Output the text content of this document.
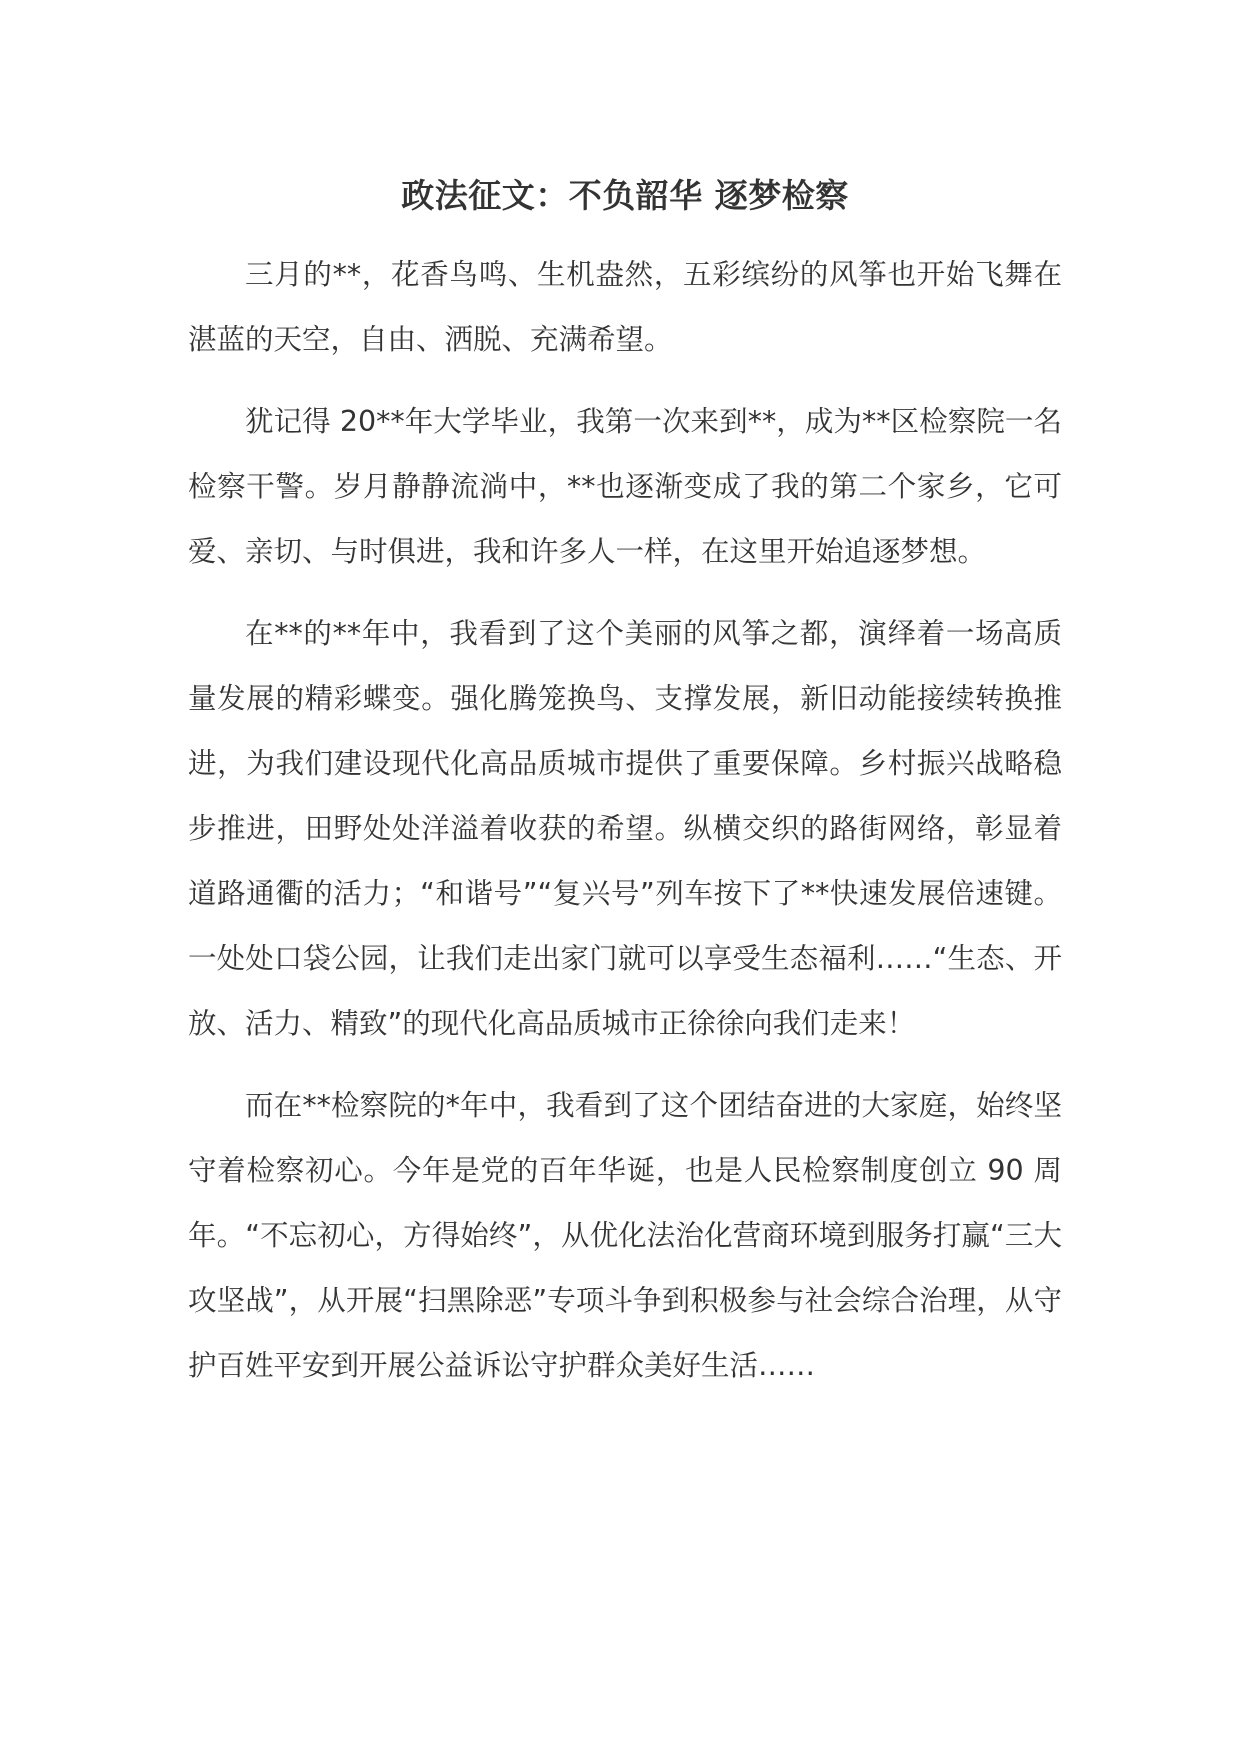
政法征文：不负韶华 逐梦检察

三月的**，花香鸟鸣、生机盎然，五彩缤纷的风筝也开始飞舞在湛蓝的天空，自由、洒脱、充满希望。

犹记得 20**年大学毕业，我第一次来到**，成为**区检察院一名检察干警。岁月静静流淌中，**也逐渐变成了我的第二个家乡，它可爱、亲切、与时俱进，我和许多人一样，在这里开始追逐梦想。

在**的**年中，我看到了这个美丽的风筝之都，演绎着一场高质量发展的精彩蝶变。强化腾笼换鸟、支撑发展，新旧动能接续转换推进，为我们建设现代化高品质城市提供了重要保障。乡村振兴战略稳步推进，田野处处洋溢着收获的希望。纵横交织的路街网络，彰显着道路通衢的活力；“和谐号”“复兴号”列车按下了**快速发展倍速键。一处处口袋公园，让我们走出家门就可以享受生态福利……“生态、开放、活力、精致”的现代化高品质城市正徐徐向我们走来！

而在**检察院的*年中，我看到了这个团结奋进的大家庭，始终坚守着检察初心。今年是党的百年华诞，也是人民检察制度创立 90 周年。“不忘初心，方得始终”，从优化法治化营商环境到服务打赢“三大攻坚战”，从开展“扫黑除恶”专项斗争到积极参与社会综合治理，从守护百姓平安到开展公益诉讼守护群众美好生活……
